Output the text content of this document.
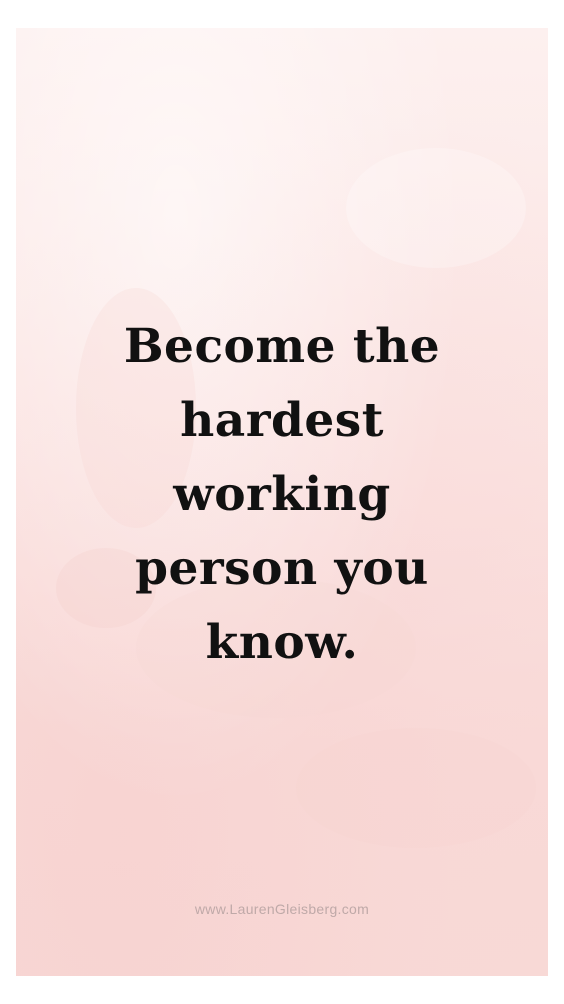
Become the
hardest
working
person you
know.
www.LaurenGleisberg.com
